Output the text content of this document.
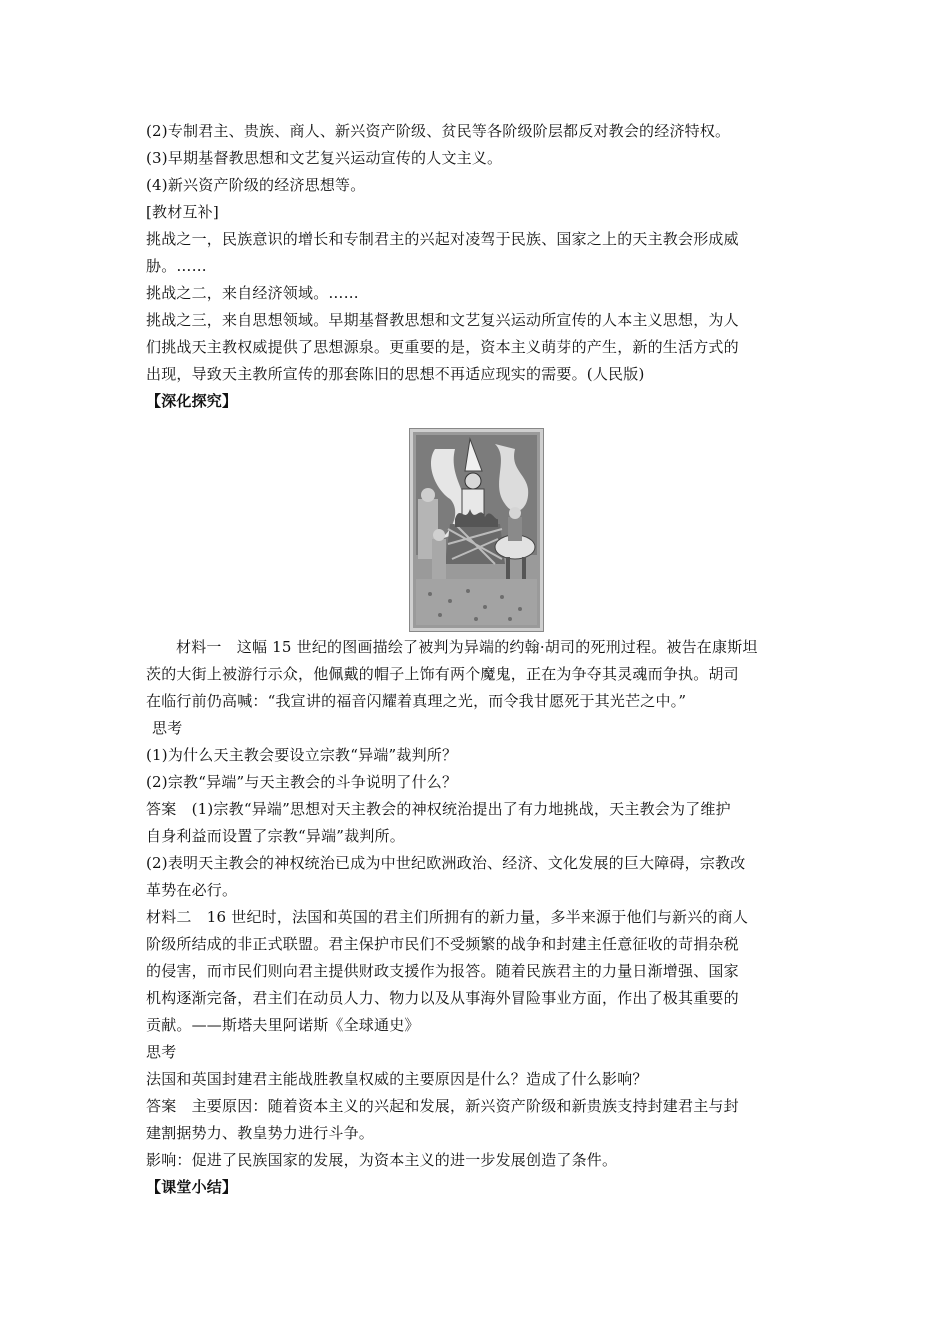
(2)专制君主、贵族、商人、新兴资产阶级、贫民等各阶级阶层都反对教会的经济特权。
(3)早期基督教思想和文艺复兴运动宣传的人文主义。
(4)新兴资产阶级的经济思想等。
[教材互补]
挑战之一，民族意识的增长和专制君主的兴起对凌驾于民族、国家之上的天主教会形成威
胁。……
挑战之二，来自经济领域。……
挑战之三，来自思想领域。早期基督教思想和文艺复兴运动所宣传的人本主义思想，为人
们挑战天主教权威提供了思想源泉。更重要的是，资本主义萌芽的产生，新的生活方式的
出现，导致天主教所宣传的那套陈旧的思想不再适应现实的需要。(人民版)
【深化探究】
材料一　这幅 15 世纪的图画描绘了被判为异端的约翰·胡司的死刑过程。被告在康斯坦
茨的大街上被游行示众，他佩戴的帽子上饰有两个魔鬼，正在为争夺其灵魂而争执。胡司
在临行前仍高喊：“我宣讲的福音闪耀着真理之光，而令我甘愿死于其光芒之中。”
思考
(1)为什么天主教会要设立宗教“异端”裁判所？
(2)宗教“异端”与天主教会的斗争说明了什么？
答案　(1)宗教“异端”思想对天主教会的神权统治提出了有力地挑战，天主教会为了维护
自身利益而设置了宗教“异端”裁判所。
(2)表明天主教会的神权统治已成为中世纪欧洲政治、经济、文化发展的巨大障碍，宗教改
革势在必行。
材料二　16 世纪时，法国和英国的君主们所拥有的新力量，多半来源于他们与新兴的商人
阶级所结成的非正式联盟。君主保护市民们不受频繁的战争和封建主任意征收的苛捐杂税
的侵害，而市民们则向君主提供财政支援作为报答。随着民族君主的力量日渐增强、国家
机构逐渐完备，君主们在动员人力、物力以及从事海外冒险事业方面，作出了极其重要的
贡献。——斯塔夫里阿诺斯《全球通史》
思考
法国和英国封建君主能战胜教皇权威的主要原因是什么？造成了什么影响？
答案　主要原因：随着资本主义的兴起和发展，新兴资产阶级和新贵族支持封建君主与封
建割据势力、教皇势力进行斗争。
影响：促进了民族国家的发展，为资本主义的进一步发展创造了条件。
【课堂小结】
